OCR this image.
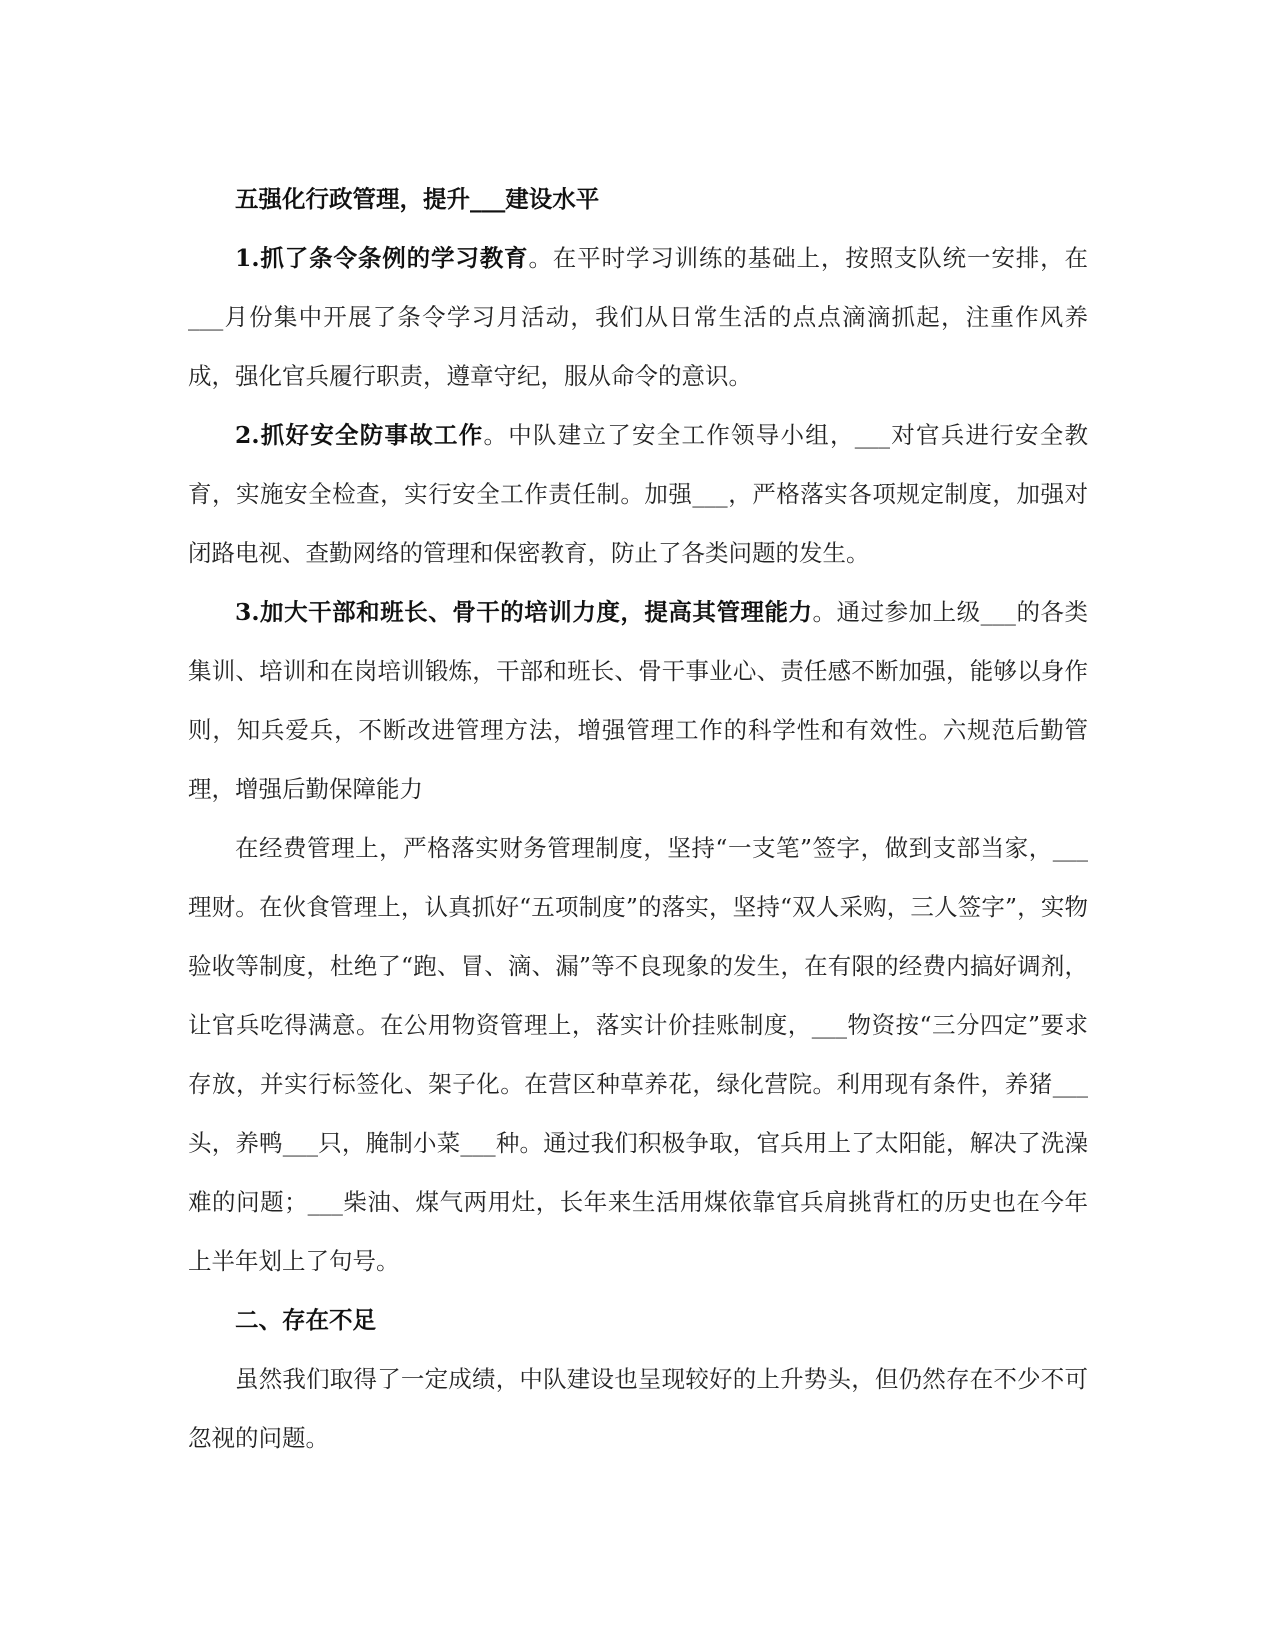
五强化行政管理，提升___建设水平

1.抓了条令条例的学习教育。在平时学习训练的基础上，按照支队统一安排，在___月份集中开展了条令学习月活动，我们从日常生活的点点滴滴抓起，注重作风养成，强化官兵履行职责，遵章守纪，服从命令的意识。

2.抓好安全防事故工作。中队建立了安全工作领导小组，___对官兵进行安全教育，实施安全检查，实行安全工作责任制。加强___，严格落实各项规定制度，加强对闭路电视、查勤网络的管理和保密教育，防止了各类问题的发生。

3.加大干部和班长、骨干的培训力度，提高其管理能力。通过参加上级___的各类集训、培训和在岗培训锻炼，干部和班长、骨干事业心、责任感不断加强，能够以身作则，知兵爱兵，不断改进管理方法，增强管理工作的科学性和有效性。六规范后勤管理，增强后勤保障能力

在经费管理上，严格落实财务管理制度，坚持“一支笔”签字，做到支部当家，___理财。在伙食管理上，认真抓好“五项制度”的落实，坚持“双人采购，三人签字”，实物验收等制度，杜绝了“跑、冒、滴、漏”等不良现象的发生，在有限的经费内搞好调剂，让官兵吃得满意。在公用物资管理上，落实计价挂账制度，___物资按“三分四定”要求存放，并实行标签化、架子化。在营区种草养花，绿化营院。利用现有条件，养猪___头，养鸭___只，腌制小菜___种。通过我们积极争取，官兵用上了太阳能，解决了洗澡难的问题；___柴油、煤气两用灶，长年来生活用煤依靠官兵肩挑背杠的历史也在今年上半年划上了句号。

二、存在不足

虽然我们取得了一定成绩，中队建设也呈现较好的上升势头，但仍然存在不少不可忽视的问题。
